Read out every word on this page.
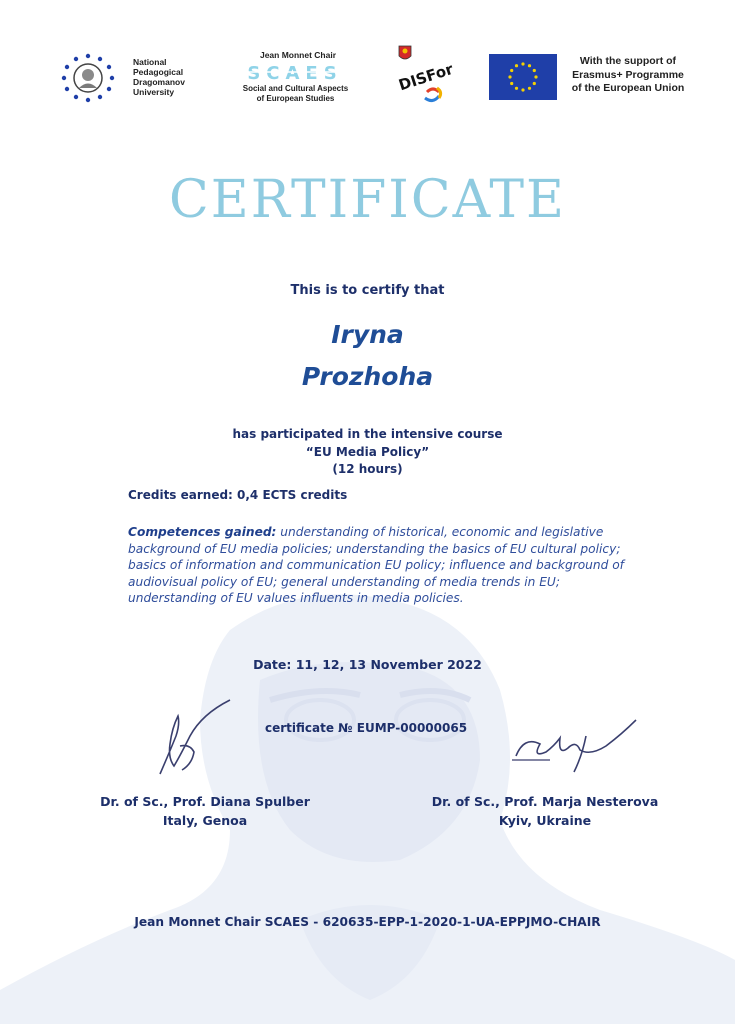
National
Pedagogical
Dragomanov
University
Jean Monnet Chair
SCAES
Social and Cultural Aspects
of European Studies
DISFor	With the support of
Erasmus+ Programme
of the European Union
CERTIFICATE
This is to certify that
Iryna
Prozhoha
has participated in the intensive course
“EU Media Policy”
(12 hours)
Credits earned: 0,4 ECTS credits
Competences gained: understanding of historical, economic and legislative background of EU media policies; understanding the basics of EU cultural policy; basics of information and communication EU policy; influence and background of audiovisual policy of EU; general understanding of media trends in EU; understanding of EU values influents in media policies.
Date: 11, 12, 13 November 2022
certificate № EUMP-00000065
Dr. of Sc., Prof. Diana Spulber
Italy, Genoa
Dr. of Sc., Prof. Marja Nesterova
Kyiv, Ukraine
Jean Monnet Chair SCAES - 620635-EPP-1-2020-1-UA-EPPJMO-CHAIR
